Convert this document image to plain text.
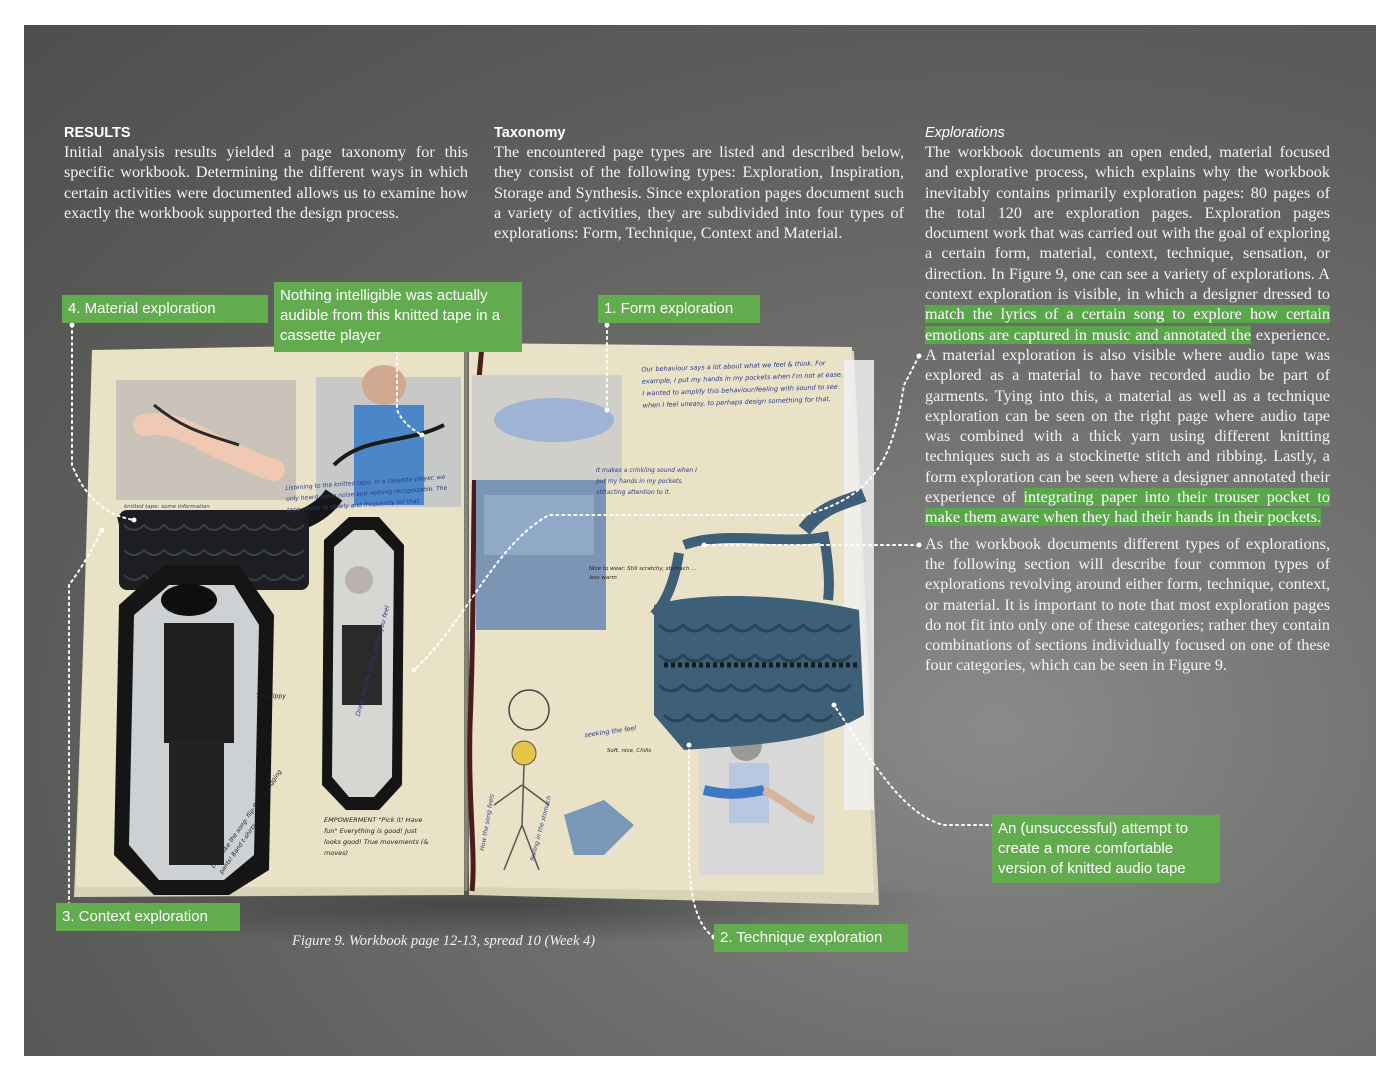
Our behaviour says a lot about what we feel & think. For example, I put my hands in my pockets when I'm not at ease. I wanted to amplify this behaviour/feeling with sound to see when I feel uneasy, to perhaps design something for that.
It makes a crinkling sound when I put my hands in my pockets, attracting attention to it.
Listening to the knitted tape, in a cassette player, we only heard some noise and nothing recognizable. The tape needs to slowly and frequently for that.
knitted tape: some information
EMPOWERMENT "Pick it! Have fun" Everything is good! Just looks good! True movements (& moves)
Dress like the song makes you feel
Dress like the song: flip-flops & jogging pants! Band t-shirts.
seeking the feel
Soft, nice, Chills
Nice to wear: Still scratchy, stomach ... less warm
How the song feels	feeling in the stomach
Too slippy
RESULTS

Initial analysis results yielded a page taxonomy for this specific workbook. Determining the different ways in which certain activities were documented allows us to examine how exactly the workbook supported the design process.

Taxonomy

The encountered page types are listed and described below, they consist of the following types: Exploration, Inspiration, Storage and Synthesis. Since exploration pages document such a variety of activities, they are subdivided into four types of explorations: Form, Technique, Context and Material.

Explorations

The workbook documents an open ended, material focused and explorative process, which explains why the workbook inevitably contains primarily exploration pages: 80 pages of the total 120 are exploration pages. Exploration pages document work that was carried out with the goal of exploring a certain form, material, context, technique, sensation, or direction. In Figure 9, one can see a variety of explorations. A context exploration is visible, in which a designer dressed to match the lyrics of a certain song to explore how certain emotions are captured in music and annotated the experience. A material exploration is also visible where audio tape was explored as a material to have recorded audio be part of garments. Tying into this, a material as well as a technique exploration can be seen on the right page where audio tape was combined with a thick yarn using different knitting techniques such as a stockinette stitch and ribbing. Lastly, a form exploration can be seen where a designer annotated their experience of integrating paper into their trouser pocket to make them aware when they had their hands in their pockets.

As the workbook documents different types of explorations, the following section will describe four common types of explorations revolving around either form, technique, context, or material. It is important to note that most exploration pages do not fit into only one of these categories; rather they contain combinations of sections individually focused on one of these four categories, which can be seen in Figure 9.

4. Material exploration
Nothing intelligible was actually audible from this knitted tape in a cassette player
1. Form exploration
3. Context exploration
2. Technique exploration
An (unsuccessful) attempt to create a more comfortable version of knitted audio tape
Figure 9. Workbook page 12-13, spread 10 (Week 4)
